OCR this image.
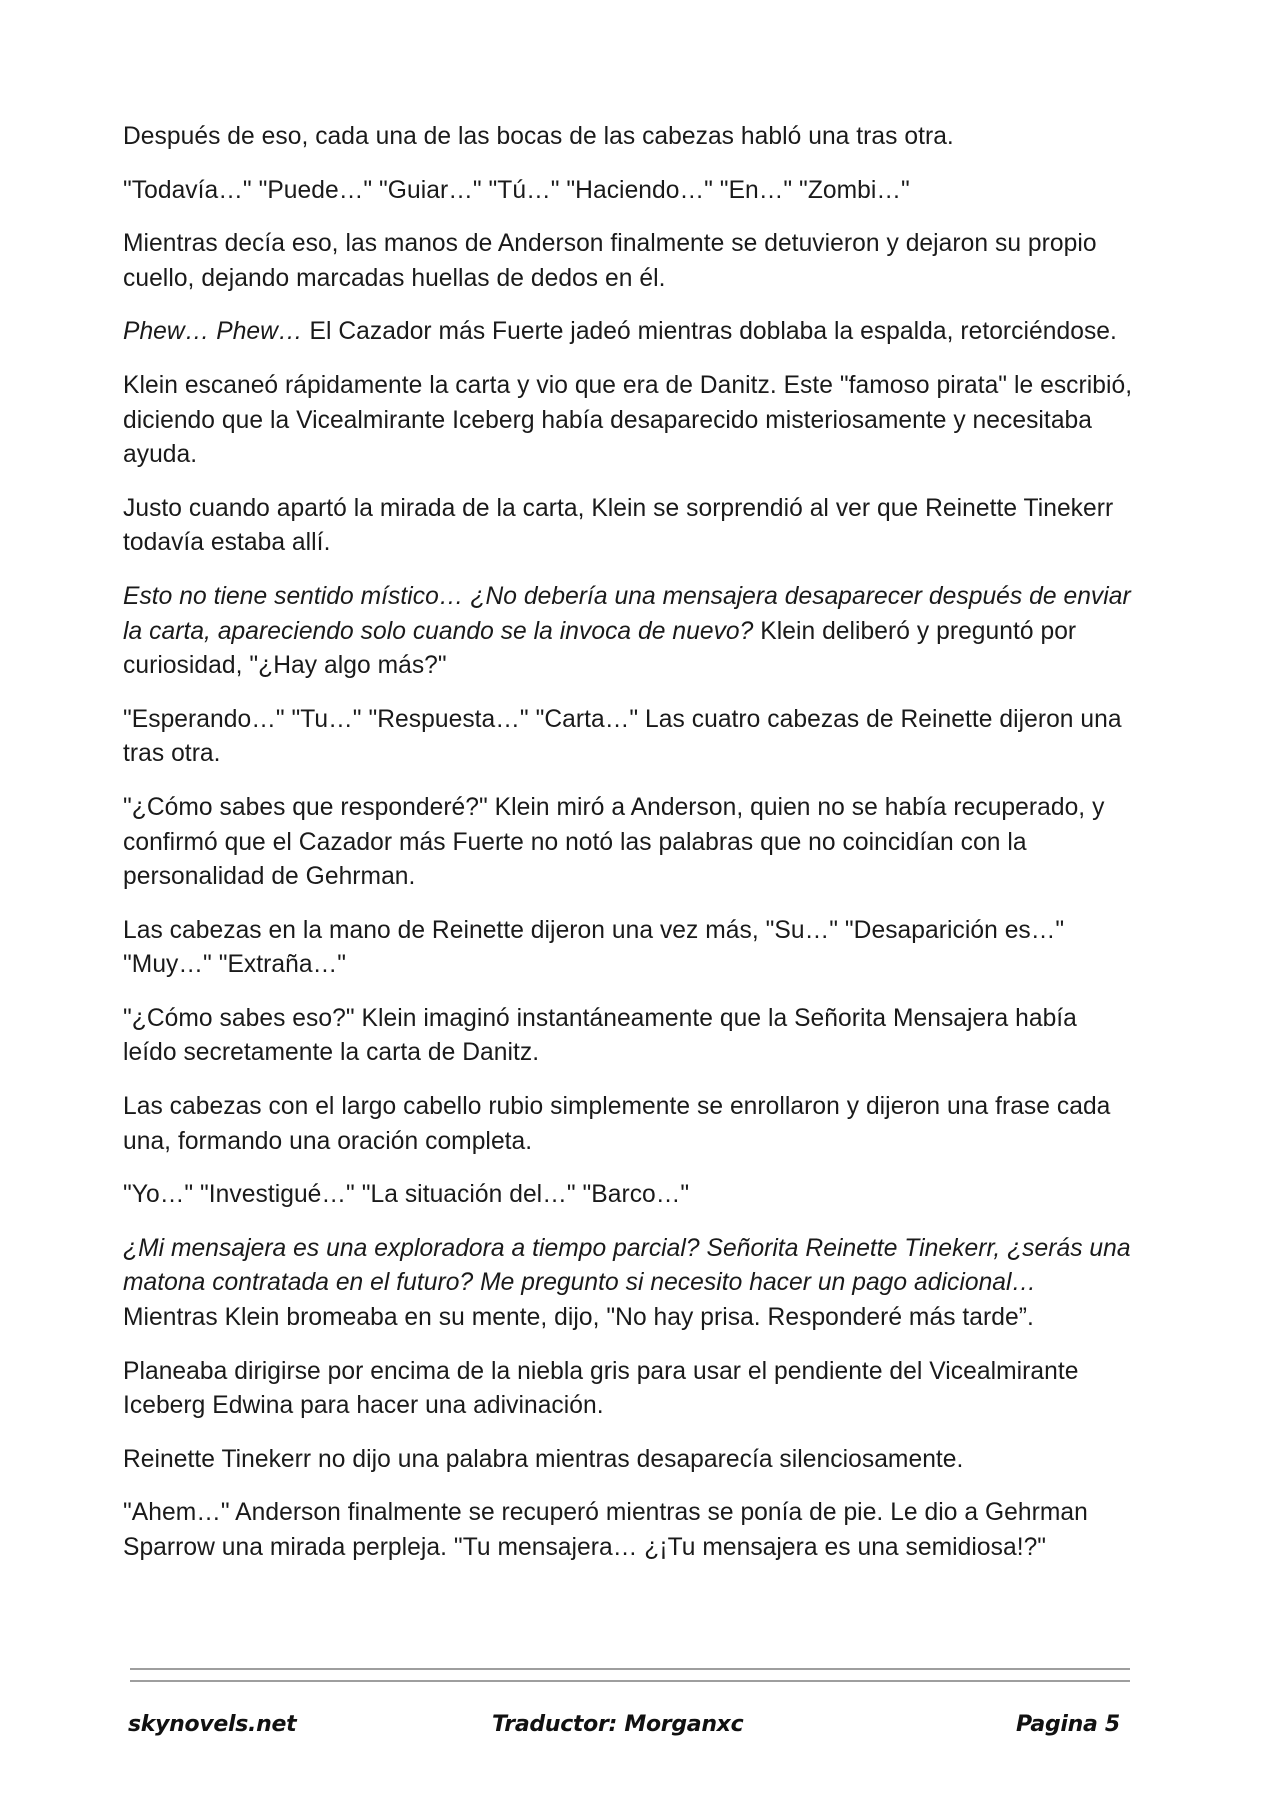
Después de eso, cada una de las bocas de las cabezas habló una tras otra.

"Todavía…" "Puede…" "Guiar…" "Tú…" "Haciendo…" "En…" "Zombi…"

Mientras decía eso, las manos de Anderson finalmente se detuvieron y dejaron su propio cuello, dejando marcadas huellas de dedos en él.

Phew… Phew… El Cazador más Fuerte jadeó mientras doblaba la espalda, retorciéndose.

Klein escaneó rápidamente la carta y vio que era de Danitz. Este "famoso pirata" le escribió, diciendo que la Vicealmirante Iceberg había desaparecido misteriosamente y necesitaba ayuda.

Justo cuando apartó la mirada de la carta, Klein se sorprendió al ver que Reinette Tinekerr todavía estaba allí.

Esto no tiene sentido místico… ¿No debería una mensajera desaparecer después de enviar la carta, apareciendo solo cuando se la invoca de nuevo? Klein deliberó y preguntó por curiosidad, "¿Hay algo más?"

"Esperando…" "Tu…" "Respuesta…" "Carta…" Las cuatro cabezas de Reinette dijeron una tras otra.

"¿Cómo sabes que responderé?" Klein miró a Anderson, quien no se había recuperado, y confirmó que el Cazador más Fuerte no notó las palabras que no coincidían con la personalidad de Gehrman.

Las cabezas en la mano de Reinette dijeron una vez más, "Su…" "Desaparición es…" "Muy…" "Extraña…"

"¿Cómo sabes eso?" Klein imaginó instantáneamente que la Señorita Mensajera había leído secretamente la carta de Danitz.

Las cabezas con el largo cabello rubio simplemente se enrollaron y dijeron una frase cada una, formando una oración completa.

"Yo…" "Investigué…" "La situación del…" "Barco…"

¿Mi mensajera es una exploradora a tiempo parcial? Señorita Reinette Tinekerr, ¿serás una matona contratada en el futuro? Me pregunto si necesito hacer un pago adicional… Mientras Klein bromeaba en su mente, dijo, "No hay prisa. Responderé más tarde”.

Planeaba dirigirse por encima de la niebla gris para usar el pendiente del Vicealmirante Iceberg Edwina para hacer una adivinación.

Reinette Tinekerr no dijo una palabra mientras desaparecía silenciosamente.

"Ahem…" Anderson finalmente se recuperó mientras se ponía de pie. Le dio a Gehrman Sparrow una mirada perpleja. "Tu mensajera… ¿¡Tu mensajera es una semidiosa!?"

skynovels.net	Traductor: Morganxc	Pagina 5
